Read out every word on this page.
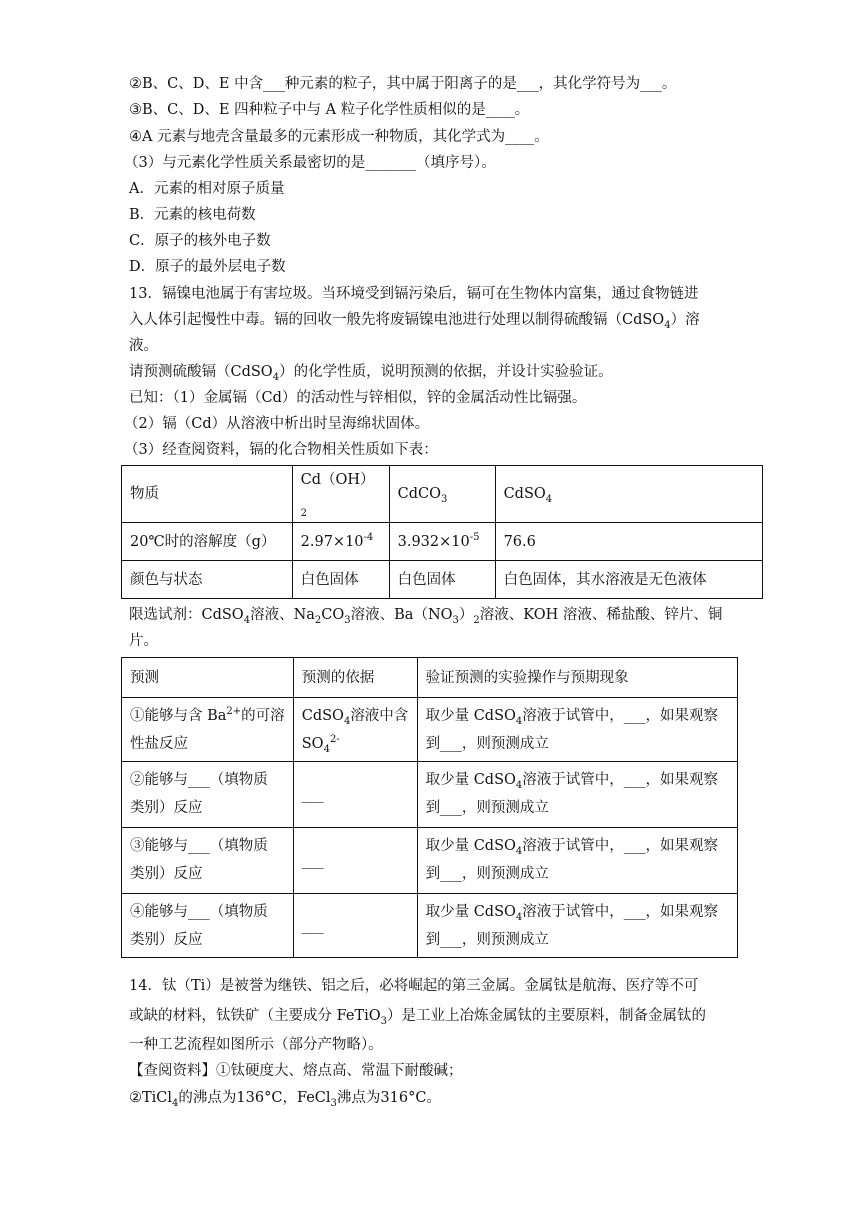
②B、C、D、E 中含___种元素的粒子，其中属于阳离子的是___，其化学符号为___。
③B、C、D、E 四种粒子中与 A 粒子化学性质相似的是____。
④A 元素与地壳含量最多的元素形成一种物质，其化学式为____。
（3）与元素化学性质关系最密切的是_______（填序号）。
A．元素的相对原子质量
B．元素的核电荷数
C．原子的核外电子数
D．原子的最外层电子数
13．镉镍电池属于有害垃圾。当环境受到镉污染后，镉可在生物体内富集，通过食物链进
入人体引起慢性中毒。镉的回收一般先将废镉镍电池进行处理以制得硫酸镉（CdSO$_4$）溶
液。
请预测硫酸镉（CdSO$_4$）的化学性质，说明预测的依据，并设计实验验证。
已知：（1）金属镉（Cd）的活动性与锌相似，锌的金属活动性比镉强。
（2）镉（Cd）从溶液中析出时呈海绵状固体。
（3）经查阅资料，镉的化合物相关性质如下表：
物质	$Cd(OH)_2$	CdCO$_3$	CdSO$_4$
20℃时的溶解度（g）	$2.97\times 10^{-4}$	$3.932\times 10^{-5}$	76.6
颜色与状态	白色固体	白色固体	白色固体，其水溶液是无色液体
限选试剂：CdSO$_4$溶液、$Na_2CO_3$溶液、$Ba(NO_3)_2$溶液、KOH 溶液、稀盐酸、锌片、铜
片。
预测	预测的依据	验证预测的实验操作与预期现象
①能够与含 $Ba^{2+}$的可溶
性盐反应	CdSO$_4$溶液中含
$SO_4^{2-}$	取少量 CdSO$_4$溶液于试管中，___，如果观察
到___，则预测成立
②能够与___（填物质
类别）反应	___	取少量 CdSO$_4$溶液于试管中，___，如果观察
到___，则预测成立
③能够与___（填物质
类别）反应	___	取少量 CdSO$_4$溶液于试管中，___，如果观察
到___，则预测成立
④能够与___（填物质
类别）反应	___	取少量 CdSO$_4$溶液于试管中，___，如果观察
到___，则预测成立
14．钛（Ti）是被誉为继铁、铝之后，必将崛起的第三金属。金属钛是航海、医疗等不可
或缺的材料，钛铁矿（主要成分 FeTiO$_3$）是工业上冶炼金属钛的主要原料，制备金属钛的
一种工艺流程如图所示（部分产物略）。
【查阅资料】①钛硬度大、熔点高、常温下耐酸碱；
②TiCl$_4$的沸点为136°C，FeCl$_3$沸点为316°C。
